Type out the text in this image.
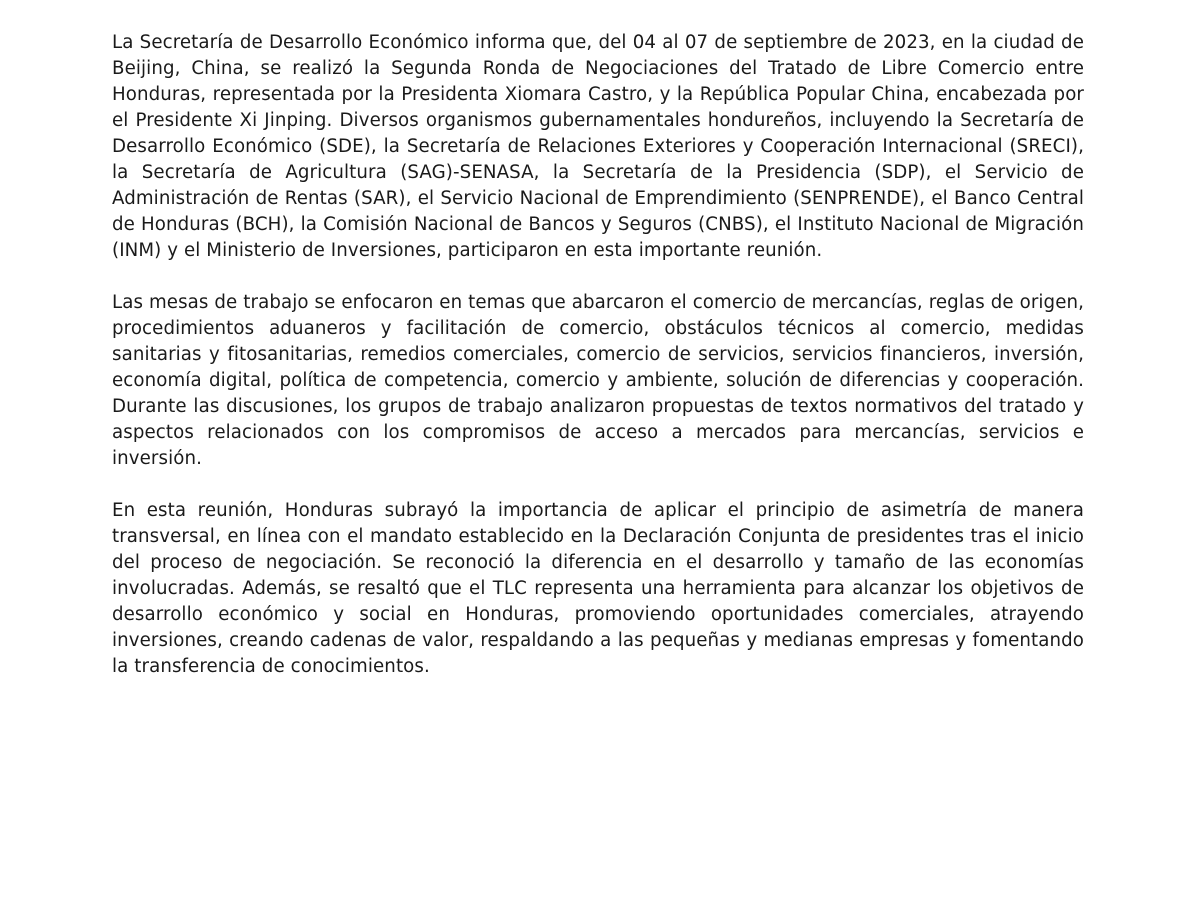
La Secretaría de Desarrollo Económico informa que, del 04 al 07 de septiembre de 2023, en la ciudad de Beijing, China, se realizó la Segunda Ronda de Negociaciones del Tratado de Libre Comercio entre Honduras, representada por la Presidenta Xiomara Castro, y la República Popular China, encabezada por el Presidente Xi Jinping. Diversos organismos gubernamentales hondureños, incluyendo la Secretaría de Desarrollo Económico (SDE), la Secretaría de Relaciones Exteriores y Cooperación Internacional (SRECI), la Secretaría de Agricultura (SAG)-SENASA, la Secretaría de la Presidencia (SDP), el Servicio de Administración de Rentas (SAR), el Servicio Nacional de Emprendimiento (SENPRENDE), el Banco Central de Honduras (BCH), la Comisión Nacional de Bancos y Seguros (CNBS), el Instituto Nacional de Migración (INM) y el Ministerio de Inversiones, participaron en esta importante reunión.

Las mesas de trabajo se enfocaron en temas que abarcaron el comercio de mercancías, reglas de origen, procedimientos aduaneros y facilitación de comercio, obstáculos técnicos al comercio, medidas sanitarias y fitosanitarias, remedios comerciales, comercio de servicios, servicios financieros, inversión, economía digital, política de competencia, comercio y ambiente, solución de diferencias y cooperación. Durante las discusiones, los grupos de trabajo analizaron propuestas de textos normativos del tratado y aspectos relacionados con los compromisos de acceso a mercados para mercancías, servicios e inversión.

En esta reunión, Honduras subrayó la importancia de aplicar el principio de asimetría de manera transversal, en línea con el mandato establecido en la Declaración Conjunta de presidentes tras el inicio del proceso de negociación. Se reconoció la diferencia en el desarrollo y tamaño de las economías involucradas. Además, se resaltó que el TLC representa una herramienta para alcanzar los objetivos de desarrollo económico y social en Honduras, promoviendo oportunidades comerciales, atrayendo inversiones, creando cadenas de valor, respaldando a las pequeñas y medianas empresas y fomentando la transferencia de conocimientos.
